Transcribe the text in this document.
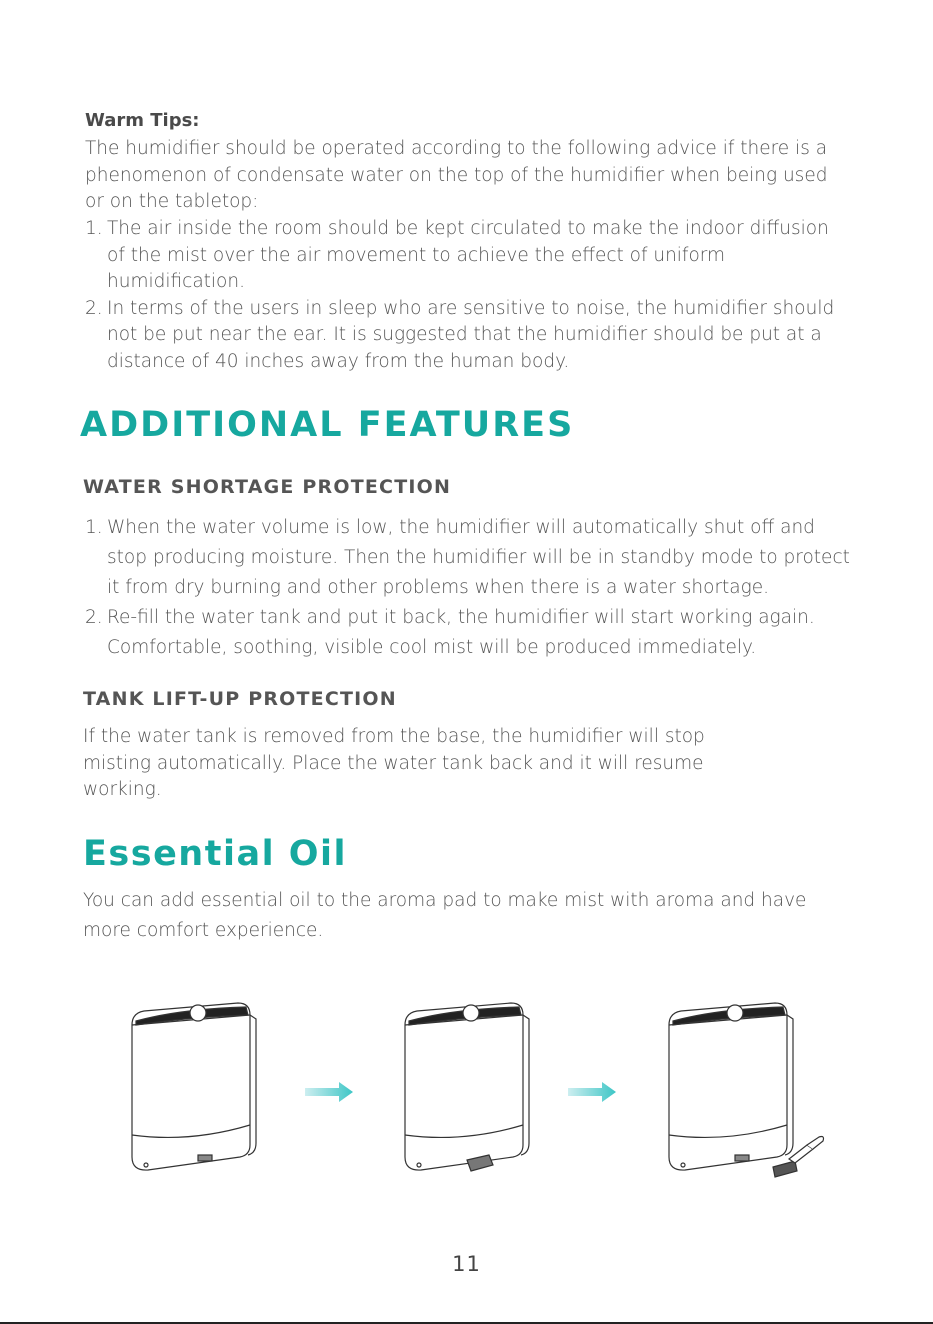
Warm Tips:
The humidifier should be operated according to the following advice if there is a phenomenon of condensate water on the top of the humidifier when being used or on the tabletop:
1. The air inside the room should be kept circulated to make the indoor diffusion of the mist over the air movement to achieve the effect of uniform humidification.
2. In terms of the users in sleep who are sensitive to noise, the humidifier should not be put near the ear. It is suggested that the humidifier should be put at a distance of 40 inches away from the human body.
ADDITIONAL FEATURES
WATER SHORTAGE PROTECTION
1. When the water volume is low, the humidifier will automatically shut off and stop producing moisture. Then the humidifier will be in standby mode to protect it from dry burning and other problems when there is a water shortage.
2. Re-fill the water tank and put it back, the humidifier will start working again. Comfortable, soothing, visible cool mist will be produced immediately.
TANK LIFT-UP PROTECTION
If the water tank is removed from the base, the humidifier will stop misting automatically. Place the water tank back and it will resume working.
Essential Oil
You can add essential oil to the aroma pad to make mist with aroma and have more comfort experience.
11
